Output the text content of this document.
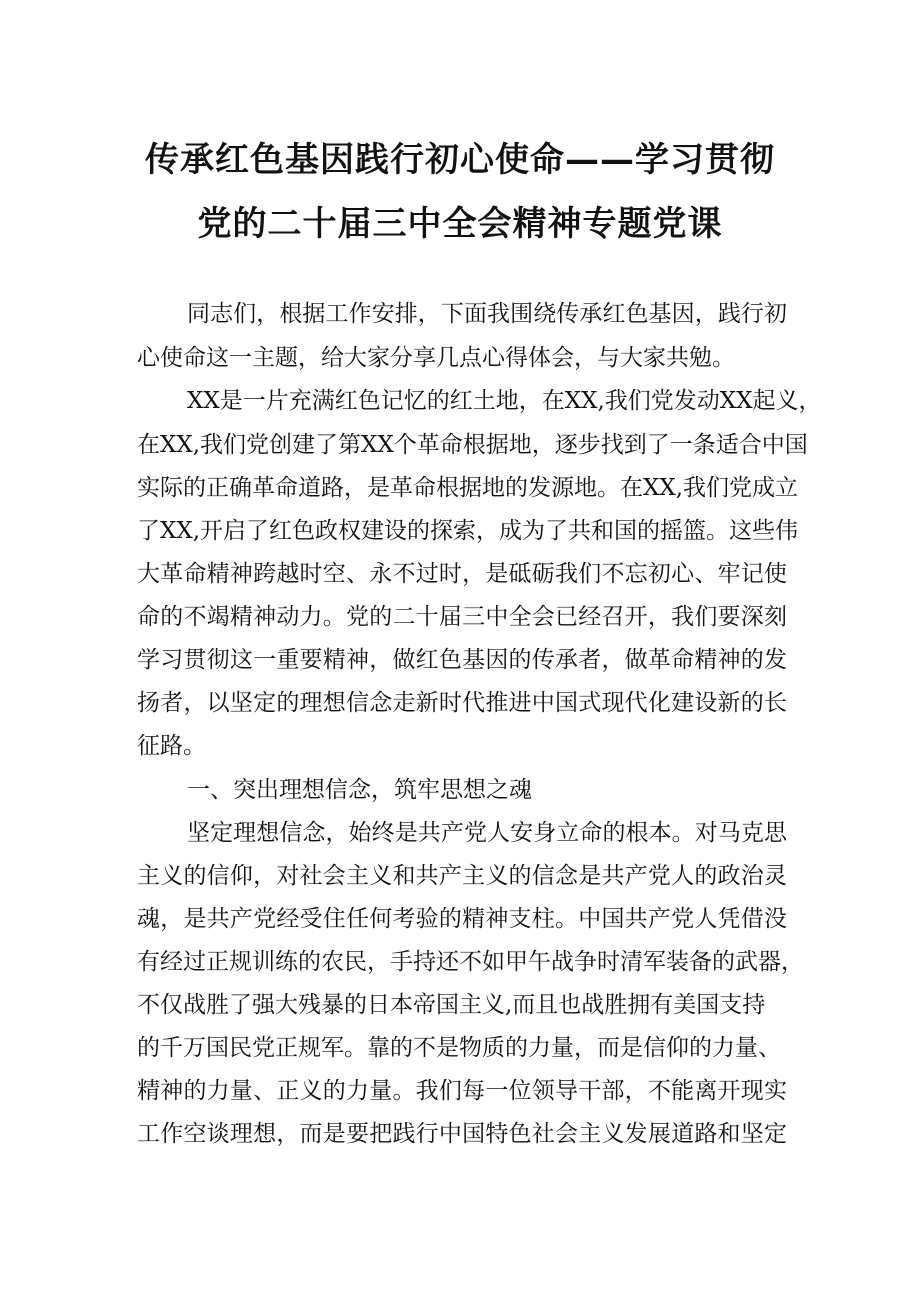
传承红色基因践行初心使命——学习贯彻
党的二十届三中全会精神专题党课
同志们，根据工作安排，下面我围绕传承红色基因，践行初
心使命这一主题，给大家分享几点心得体会，与大家共勉。
XX是一片充满红色记忆的红土地，在XX,我们党发动XX起义，
在XX,我们党创建了第XX个革命根据地，逐步找到了一条适合中国
实际的正确革命道路，是革命根据地的发源地。在XX,我们党成立
了XX,开启了红色政权建设的探索，成为了共和国的摇篮。这些伟
大革命精神跨越时空、永不过时，是砥砺我们不忘初心、牢记使
命的不竭精神动力。党的二十届三中全会已经召开，我们要深刻
学习贯彻这一重要精神，做红色基因的传承者，做革命精神的发
扬者，以坚定的理想信念走新时代推进中国式现代化建设新的长
征路。
一、突出理想信念，筑牢思想之魂
坚定理想信念，始终是共产党人安身立命的根本。对马克思
主义的信仰，对社会主义和共产主义的信念是共产党人的政治灵
魂，是共产党经受住任何考验的精神支柱。中国共产党人凭借没
有经过正规训练的农民，手持还不如甲午战争时清军装备的武器，
不仅战胜了强大残暴的日本帝国主义,而且也战胜拥有美国支持
的千万国民党正规军。靠的不是物质的力量，而是信仰的力量、
精神的力量、正义的力量。我们每一位领导干部，不能离开现实
工作空谈理想，而是要把践行中国特色社会主义发展道路和坚定
